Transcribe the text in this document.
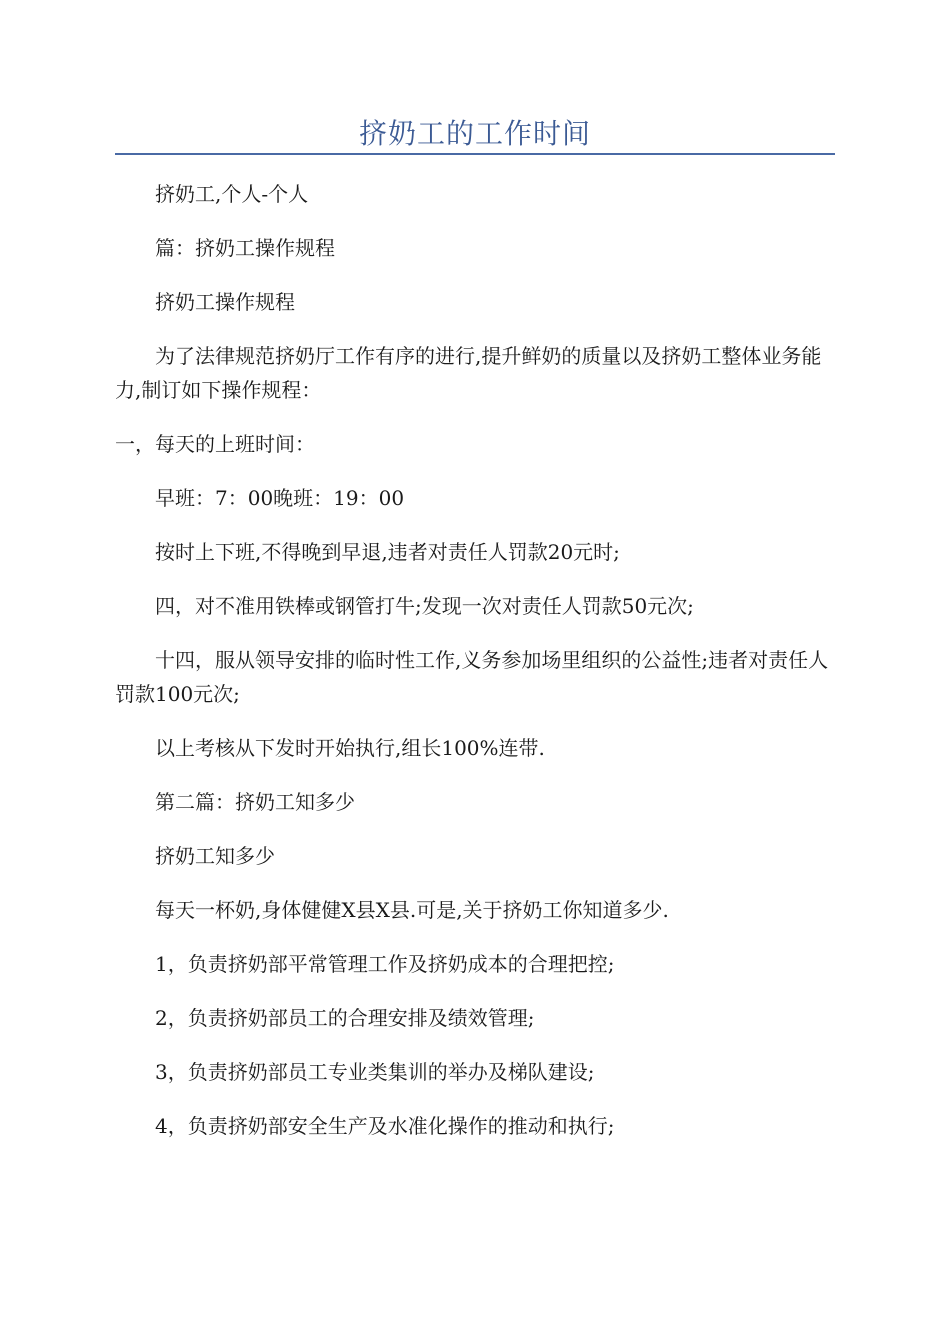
挤奶工的工作时间

挤奶工,个人-个人

篇：挤奶工操作规程

挤奶工操作规程

为了法律规范挤奶厅工作有序的进行,提升鲜奶的质量以及挤奶工整体业务能力,制订如下操作规程：

一，每天的上班时间：

早班：7：00晚班：19：00

按时上下班,不得晚到早退,违者对责任人罚款20元时;

四，对不准用铁棒或钢管打牛;发现一次对责任人罚款50元次;

十四，服从领导安排的临时性工作,义务参加场里组织的公益性;违者对责任人罚款100元次;

以上考核从下发时开始执行,组长100%连带.

第二篇：挤奶工知多少

挤奶工知多少

每天一杯奶,身体健健X县X县.可是,关于挤奶工你知道多少.

1，负责挤奶部平常管理工作及挤奶成本的合理把控;

2，负责挤奶部员工的合理安排及绩效管理;

3，负责挤奶部员工专业类集训的举办及梯队建设;

4，负责挤奶部安全生产及水准化操作的推动和执行;
